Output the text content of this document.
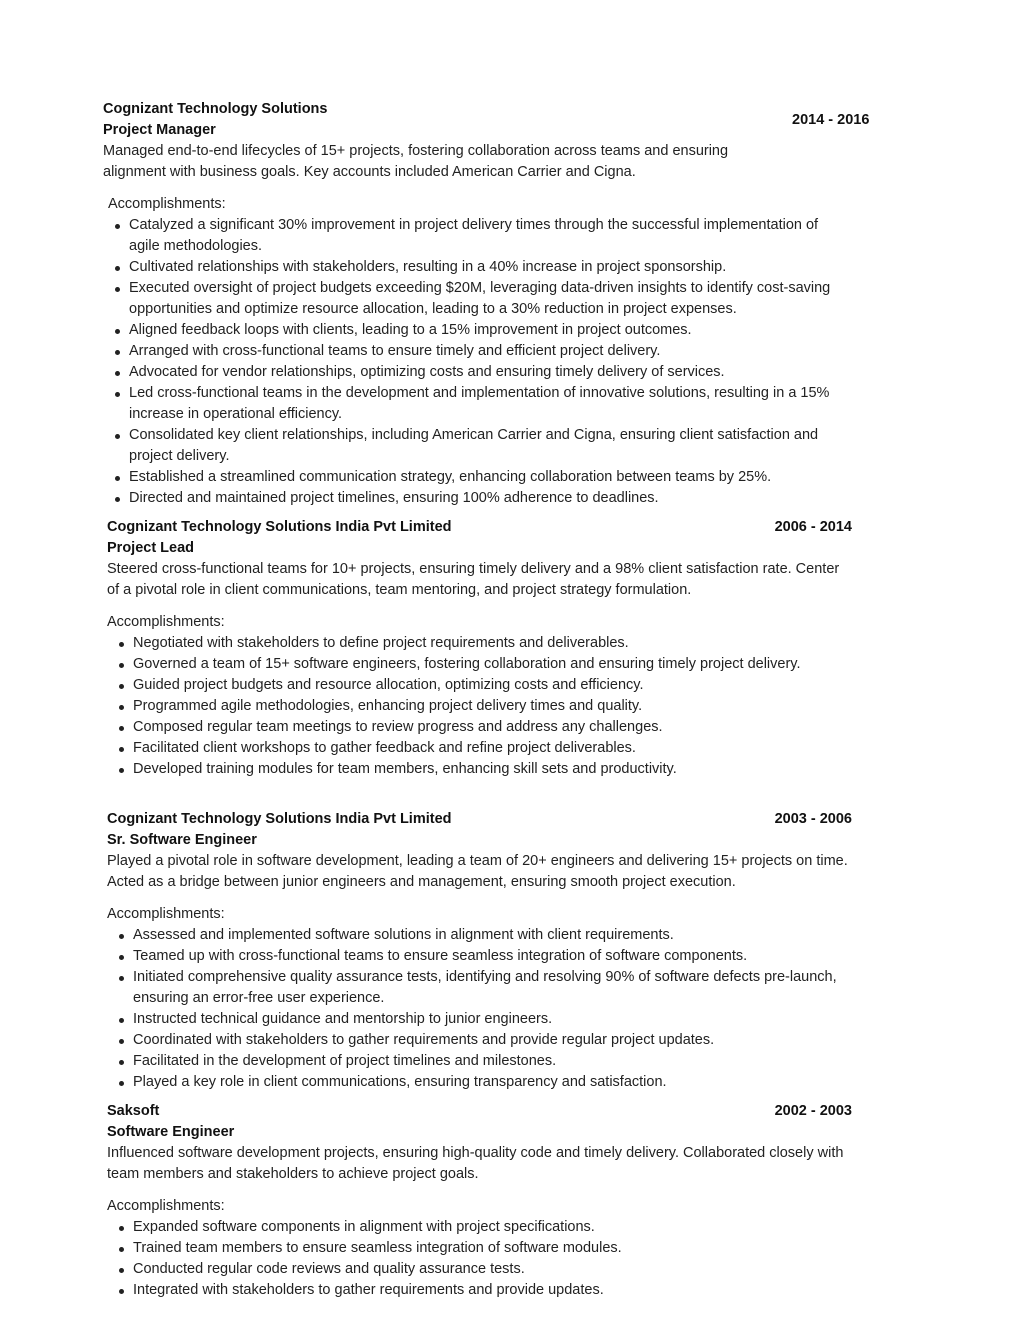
Cognizant Technology Solutions
Project Manager
2014 - 2016

Managed end-to-end lifecycles of 15+ projects, fostering collaboration across teams and ensuring alignment with business goals. Key accounts included American Carrier and Cigna.

Accomplishments:
Catalyzed a significant 30% improvement in project delivery times through the successful implementation of agile methodologies.
Cultivated relationships with stakeholders, resulting in a 40% increase in project sponsorship.
Executed oversight of project budgets exceeding $20M, leveraging data-driven insights to identify cost-saving opportunities and optimize resource allocation, leading to a 30% reduction in project expenses.
Aligned feedback loops with clients, leading to a 15% improvement in project outcomes.
Arranged with cross-functional teams to ensure timely and efficient project delivery.
Advocated for vendor relationships, optimizing costs and ensuring timely delivery of services.
Led cross-functional teams in the development and implementation of innovative solutions, resulting in a 15% increase in operational efficiency.
Consolidated key client relationships, including American Carrier and Cigna, ensuring client satisfaction and project delivery.
Established a streamlined communication strategy, enhancing collaboration between teams by 25%.
Directed and maintained project timelines, ensuring 100% adherence to deadlines.
Cognizant Technology Solutions India Pvt Limited	2006 - 2014
Project Lead

Steered cross-functional teams for 10+ projects, ensuring timely delivery and a 98% client satisfaction rate. Center of a pivotal role in client communications, team mentoring, and project strategy formulation.

Accomplishments:
Negotiated with stakeholders to define project requirements and deliverables.
Governed a team of 15+ software engineers, fostering collaboration and ensuring timely project delivery.
Guided project budgets and resource allocation, optimizing costs and efficiency.
Programmed agile methodologies, enhancing project delivery times and quality.
Composed regular team meetings to review progress and address any challenges.
Facilitated client workshops to gather feedback and refine project deliverables.
Developed training modules for team members, enhancing skill sets and productivity.
Cognizant Technology Solutions India Pvt Limited	2003 - 2006
Sr. Software Engineer

Played a pivotal role in software development, leading a team of 20+ engineers and delivering 15+ projects on time. Acted as a bridge between junior engineers and management, ensuring smooth project execution.

Accomplishments:
Assessed and implemented software solutions in alignment with client requirements.
Teamed up with cross-functional teams to ensure seamless integration of software components.
Initiated comprehensive quality assurance tests, identifying and resolving 90% of software defects pre-launch, ensuring an error-free user experience.
Instructed technical guidance and mentorship to junior engineers.
Coordinated with stakeholders to gather requirements and provide regular project updates.
Facilitated in the development of project timelines and milestones.
Played a key role in client communications, ensuring transparency and satisfaction.
Saksoft	2002 - 2003
Software Engineer

Influenced software development projects, ensuring high-quality code and timely delivery. Collaborated closely with team members and stakeholders to achieve project goals.

Accomplishments:
Expanded software components in alignment with project specifications.
Trained team members to ensure seamless integration of software modules.
Conducted regular code reviews and quality assurance tests.
Integrated with stakeholders to gather requirements and provide updates.
